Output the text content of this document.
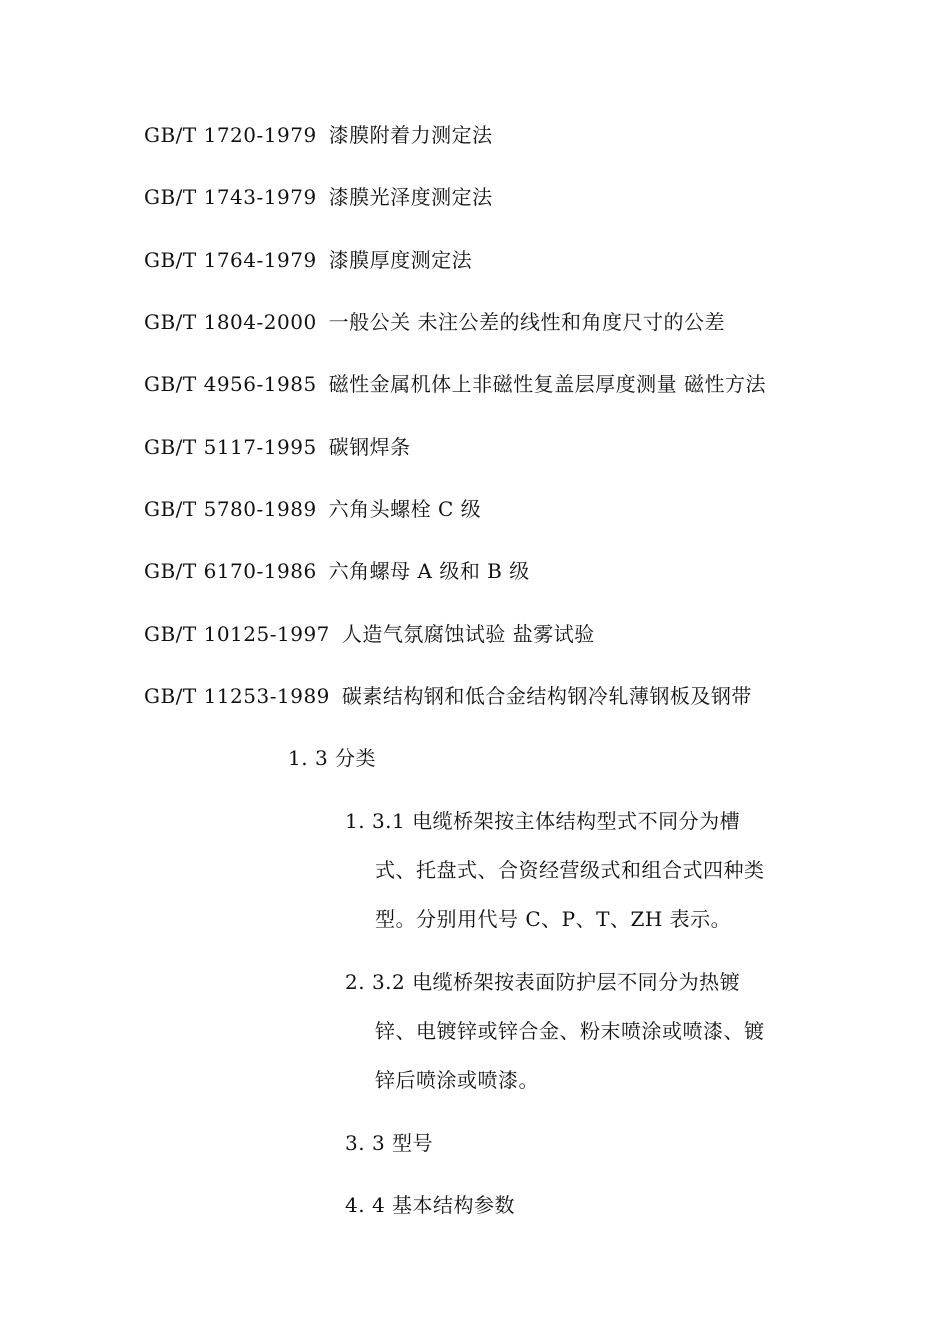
GB/T 1720-1979 漆膜附着力测定法
GB/T 1743-1979 漆膜光泽度测定法
GB/T 1764-1979 漆膜厚度测定法
GB/T 1804-2000 一般公关 未注公差的线性和角度尺寸的公差
GB/T 4956-1985 磁性金属机体上非磁性复盖层厚度测量 磁性方法
GB/T 5117-1995 碳钢焊条
GB/T 5780-1989 六角头螺栓 C 级
GB/T 6170-1986 六角螺母 A 级和 B 级
GB/T 10125-1997 人造气氛腐蚀试验 盐雾试验
GB/T 11253-1989 碳素结构钢和低合金结构钢冷轧薄钢板及钢带
1. 3 分类
1. 3.1 电缆桥架按主体结构型式不同分为槽
式、托盘式、合资经营级式和组合式四种类
型。分别用代号 C、P、T、ZH 表示。
2. 3.2 电缆桥架按表面防护层不同分为热镀
锌、电镀锌或锌合金、粉末喷涂或喷漆、镀
锌后喷涂或喷漆。
3. 3 型号
4. 4 基本结构参数
